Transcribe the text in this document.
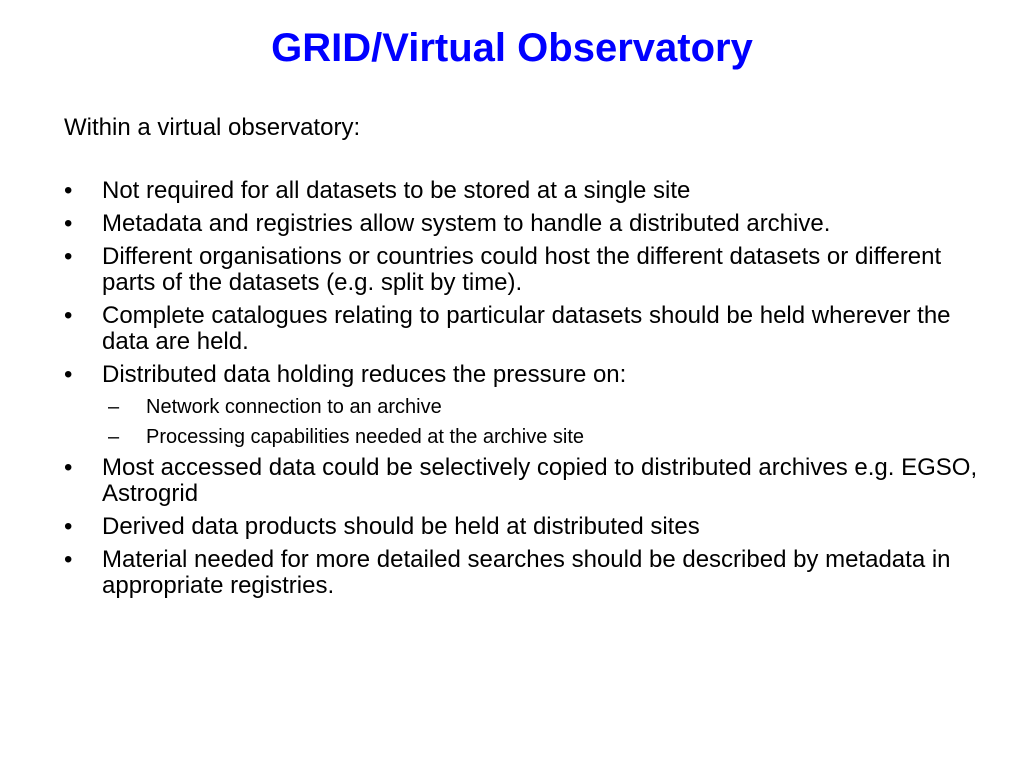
GRID/Virtual Observatory

Within a virtual observatory:

•	Not required for all datasets to be stored at a single site
•	Metadata and registries allow system to handle a distributed archive.
•	Different organisations or countries could host the different datasets or different parts of the datasets (e.g. split by time).
•	Complete catalogues relating to particular datasets should be held wherever the data are held.
•	Distributed data holding reduces the pressure on:
– Network connection to an archive
– Processing capabilities needed at the archive site
•	Most accessed data could be selectively copied to distributed archives e.g. EGSO, Astrogrid
•	Derived data products should be held at distributed sites
•	Material needed for more detailed searches should be described by metadata in appropriate registries.
